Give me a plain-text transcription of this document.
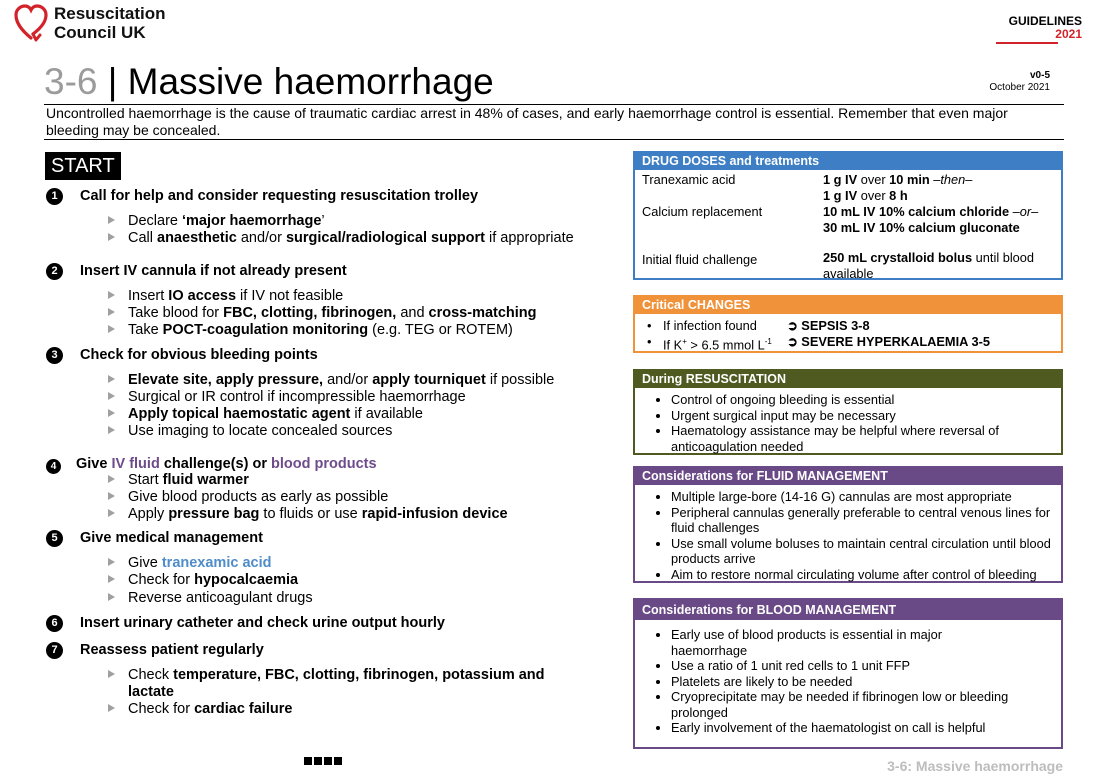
Resuscitation
Council UK
GUIDELINES
2021
3-6 | Massive haemorrhage	v0-5
October 2021
Uncontrolled haemorrhage is the cause of traumatic cardiac arrest in 48% of cases, and early haemorrhage control is essential. Remember that even major bleeding may be concealed.
START
1	Call for help and consider requesting resuscitation trolley
Declare ‘major haemorrhage’
Call anaesthetic and/or surgical/radiological support if appropriate
2	Insert IV cannula if not already present
Insert IO access if IV not feasible
Take blood for FBC, clotting, fibrinogen, and cross-matching
Take POCT-coagulation monitoring (e.g. TEG or ROTEM)
3	Check for obvious bleeding points
Elevate site, apply pressure, and/or apply tourniquet if possible
Surgical or IR control if incompressible haemorrhage
Apply topical haemostatic agent if available
Use imaging to locate concealed sources
4	Give IV fluid challenge(s) or blood products
Start fluid warmer
Give blood products as early as possible
Apply pressure bag to fluids or use rapid-infusion device
5	Give medical management
Give tranexamic acid
Check for hypocalcaemia
Reverse anticoagulant drugs
6	Insert urinary catheter and check urine output hourly
7	Reassess patient regularly
Check temperature, FBC, clotting, fibrinogen, potassium and
lactate
Check for cardiac failure
DRUG DOSES and treatments
Tranexamic acid	1 g IV over 10 min –then–
1 g IV over 8 h
Calcium replacement	10 mL IV 10% calcium chloride –or–
30 mL IV 10% calcium gluconate
Initial fluid challenge	250 mL crystalloid bolus until blood
available
Critical CHANGES
• If infection found ➲ SEPSIS 3-8
• If K+ > 6.5 mmol $L^{-1}$ ➲ SEVERE HYPERKALAEMIA 3-5
During RESUSCITATION
• Control of ongoing bleeding is essential
• Urgent surgical input may be necessary
• Haematology assistance may be helpful where reversal of anticoagulation needed
Considerations for FLUID MANAGEMENT
• Multiple large-bore (14-16 G) cannulas are most appropriate
• Peripheral cannulas generally preferable to central venous lines for fluid challenges
• Use small volume boluses to maintain central circulation until blood products arrive
• Aim to restore normal circulating volume after control of bleeding
Considerations for BLOOD MANAGEMENT
• Early use of blood products is essential in major haemorrhage
• Use a ratio of 1 unit red cells to 1 unit FFP
• Platelets are likely to be needed
• Cryoprecipitate may be needed if fibrinogen low or bleeding prolonged
• Early involvement of the haematologist on call is helpful
3-6: Massive haemorrhage
